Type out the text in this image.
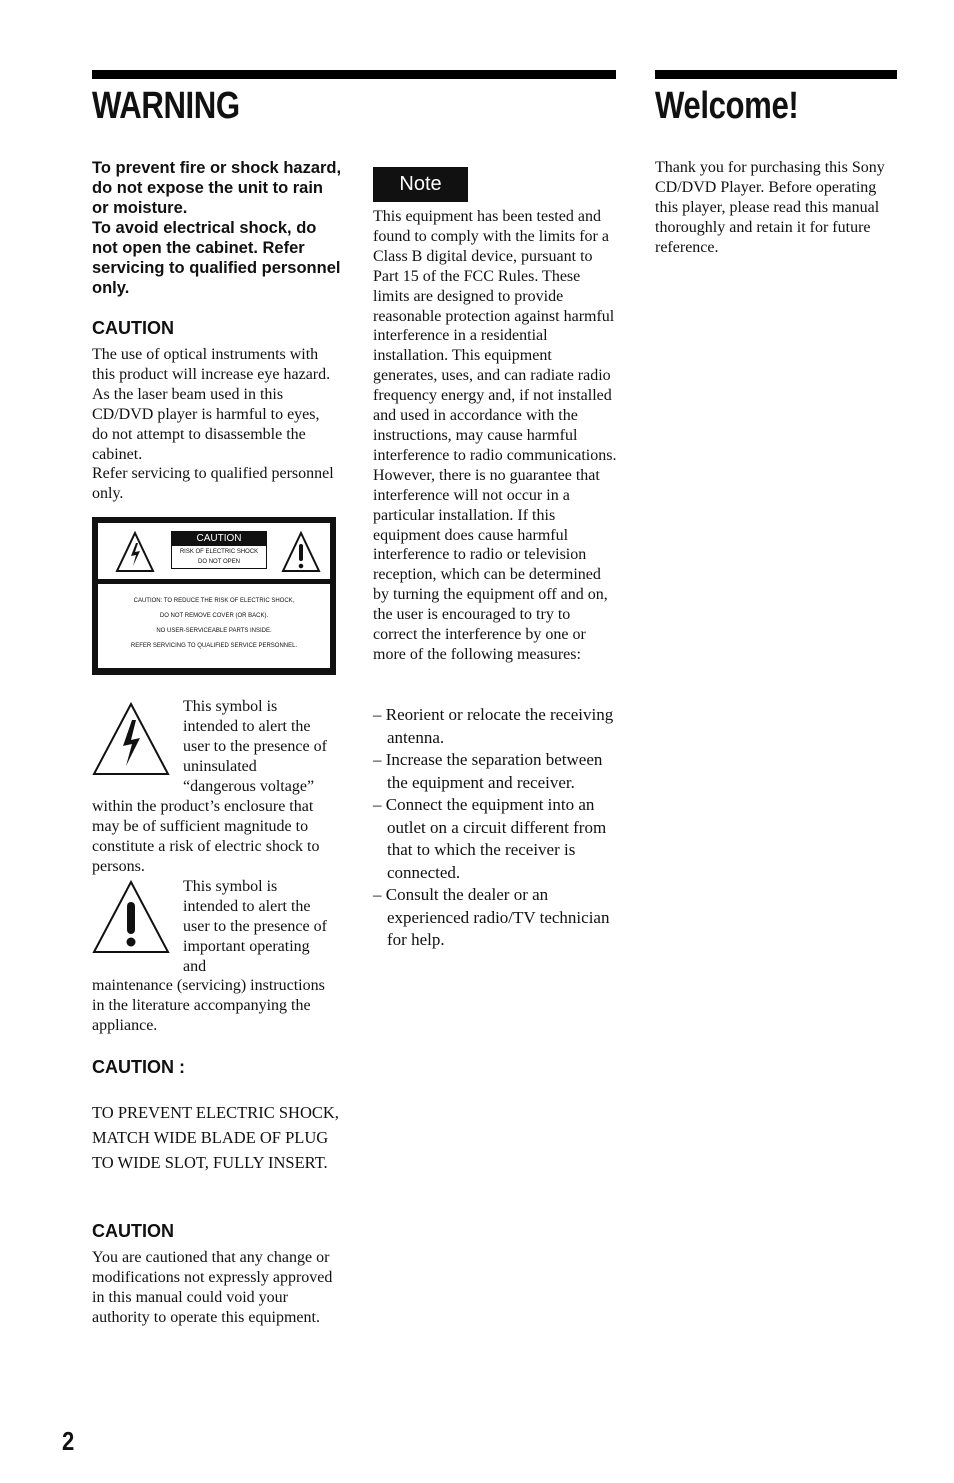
WARNING	Welcome!

To prevent fire or shock hazard, do not expose the unit to rain or moisture.

To avoid electrical shock, do not open the cabinet. Refer servicing to qualified personnel only.

CAUTION

The use of optical instruments with this product will increase eye hazard. As the laser beam used in this CD/DVD player is harmful to eyes, do not attempt to disassemble the cabinet.

Refer servicing to qualified personnel only.

CAUTION
RISK OF ELECTRIC SHOCK
DO NOT OPEN
CAUTION: TO REDUCE THE RISK OF ELECTRIC SHOCK,
DO NOT REMOVE COVER (OR BACK).
NO USER-SERVICEABLE PARTS INSIDE.
REFER SERVICING TO QUALIFIED SERVICE PERSONNEL.
This symbol is intended to alert the user to the presence of uninsulated “dangerous voltage”
within the product’s enclosure that may be of sufficient magnitude to constitute a risk of electric shock to persons.
This symbol is intended to alert the user to the presence of important operating and
maintenance (servicing) instructions in the literature accompanying the appliance.
CAUTION :
TO PREVENT ELECTRIC SHOCK, MATCH WIDE BLADE OF PLUG TO WIDE SLOT, FULLY INSERT.
CAUTION
You are cautioned that any change or modifications not expressly approved in this manual could void your authority to operate this equipment.
Note
This equipment has been tested and found to comply with the limits for a Class B digital device, pursuant to Part 15 of the FCC Rules. These limits are designed to provide reasonable protection against harmful interference in a residential installation. This equipment generates, uses, and can radiate radio frequency energy and, if not installed and used in accordance with the instructions, may cause harmful interference to radio communications. However, there is no guarantee that interference will not occur in a particular installation. If this equipment does cause harmful interference to radio or television reception, which can be determined by turning the equipment off and on, the user is encouraged to try to correct the interference by one or more of the following measures:
– Reorient or relocate the receiving antenna.
– Increase the separation between the equipment and receiver.
– Connect the equipment into an outlet on a circuit different from that to which the receiver is connected.
– Consult the dealer or an experienced radio/TV technician for help.
Thank you for purchasing this Sony CD/DVD Player. Before operating this player, please read this manual thoroughly and retain it for future reference.
2
